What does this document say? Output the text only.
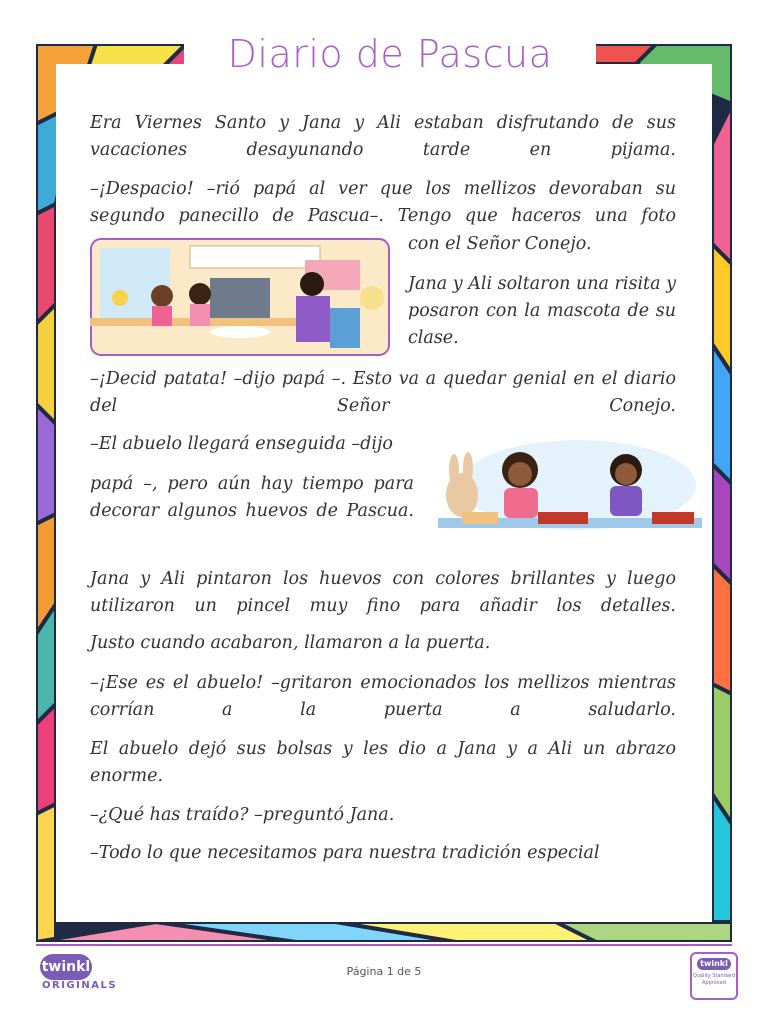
Diario de Pascua

Era Viernes Santo y Jana y Ali estaban disfrutando de sus vacaciones desayunando tarde en pijama.

–¡Despacio! –rió papá al ver que los mellizos devoraban su segundo panecillo de Pascua–. Tengo que haceros una foto

con el Señor Conejo.

Jana y Ali soltaron una risita y posaron con la mascota de su clase.

–¡Decid patata! –dijo papá –. Esto va a quedar genial en el diario del Señor Conejo.

–El abuelo llegará enseguida –dijo

papá –, pero aún hay tiempo para decorar algunos huevos de Pascua.

Jana y Ali pintaron los huevos con colores brillantes y luego utilizaron un pincel muy fino para añadir los detalles.

Justo cuando acabaron, llamaron a la puerta.

–¡Ese es el abuelo! –gritaron emocionados los mellizos mientras corrían a la puerta a saludarlo.

El abuelo dejó sus bolsas y les dio a Jana y a Ali un abrazo enorme.

–¿Qué has traído? –preguntó Jana.

–Todo lo que necesitamos para nuestra tradición especial

twinkl
ORIGINALS
Página 1 de 5
twinkl
Quality Standard Approved
